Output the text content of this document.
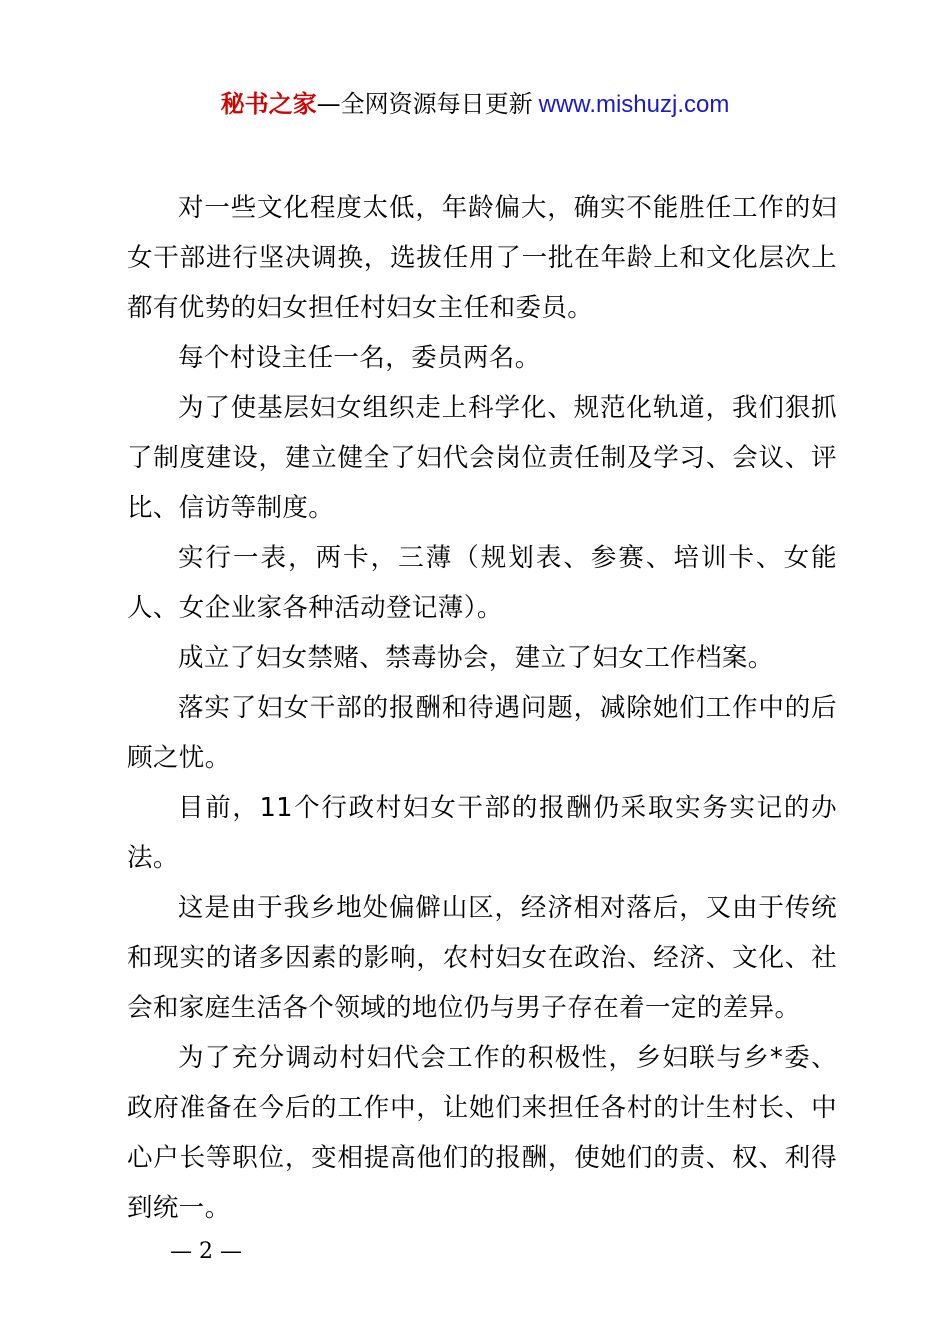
秘书之家—全网资源每日更新 www.mishuzj.com

对一些文化程度太低，年龄偏大，确实不能胜任工作的妇女干部进行坚决调换，选拔任用了一批在年龄上和文化层次上都有优势的妇女担任村妇女主任和委员。

每个村设主任一名，委员两名。

为了使基层妇女组织走上科学化、规范化轨道，我们狠抓了制度建设，建立健全了妇代会岗位责任制及学习、会议、评比、信访等制度。

实行一表，两卡，三薄（规划表、参赛、培训卡、女能人、女企业家各种活动登记薄）。

成立了妇女禁赌、禁毒协会，建立了妇女工作档案。

落实了妇女干部的报酬和待遇问题，减除她们工作中的后顾之忧。

目前，11个行政村妇女干部的报酬仍采取实务实记的办法。

这是由于我乡地处偏僻山区，经济相对落后，又由于传统和现实的诸多因素的影响，农村妇女在政治、经济、文化、社会和家庭生活各个领域的地位仍与男子存在着一定的差异。

为了充分调动村妇代会工作的积极性，乡妇联与乡*委、政府准备在今后的工作中，让她们来担任各村的计生村长、中心户长等职位，变相提高他们的报酬，使她们的责、权、利得到统一。

— 2 —
